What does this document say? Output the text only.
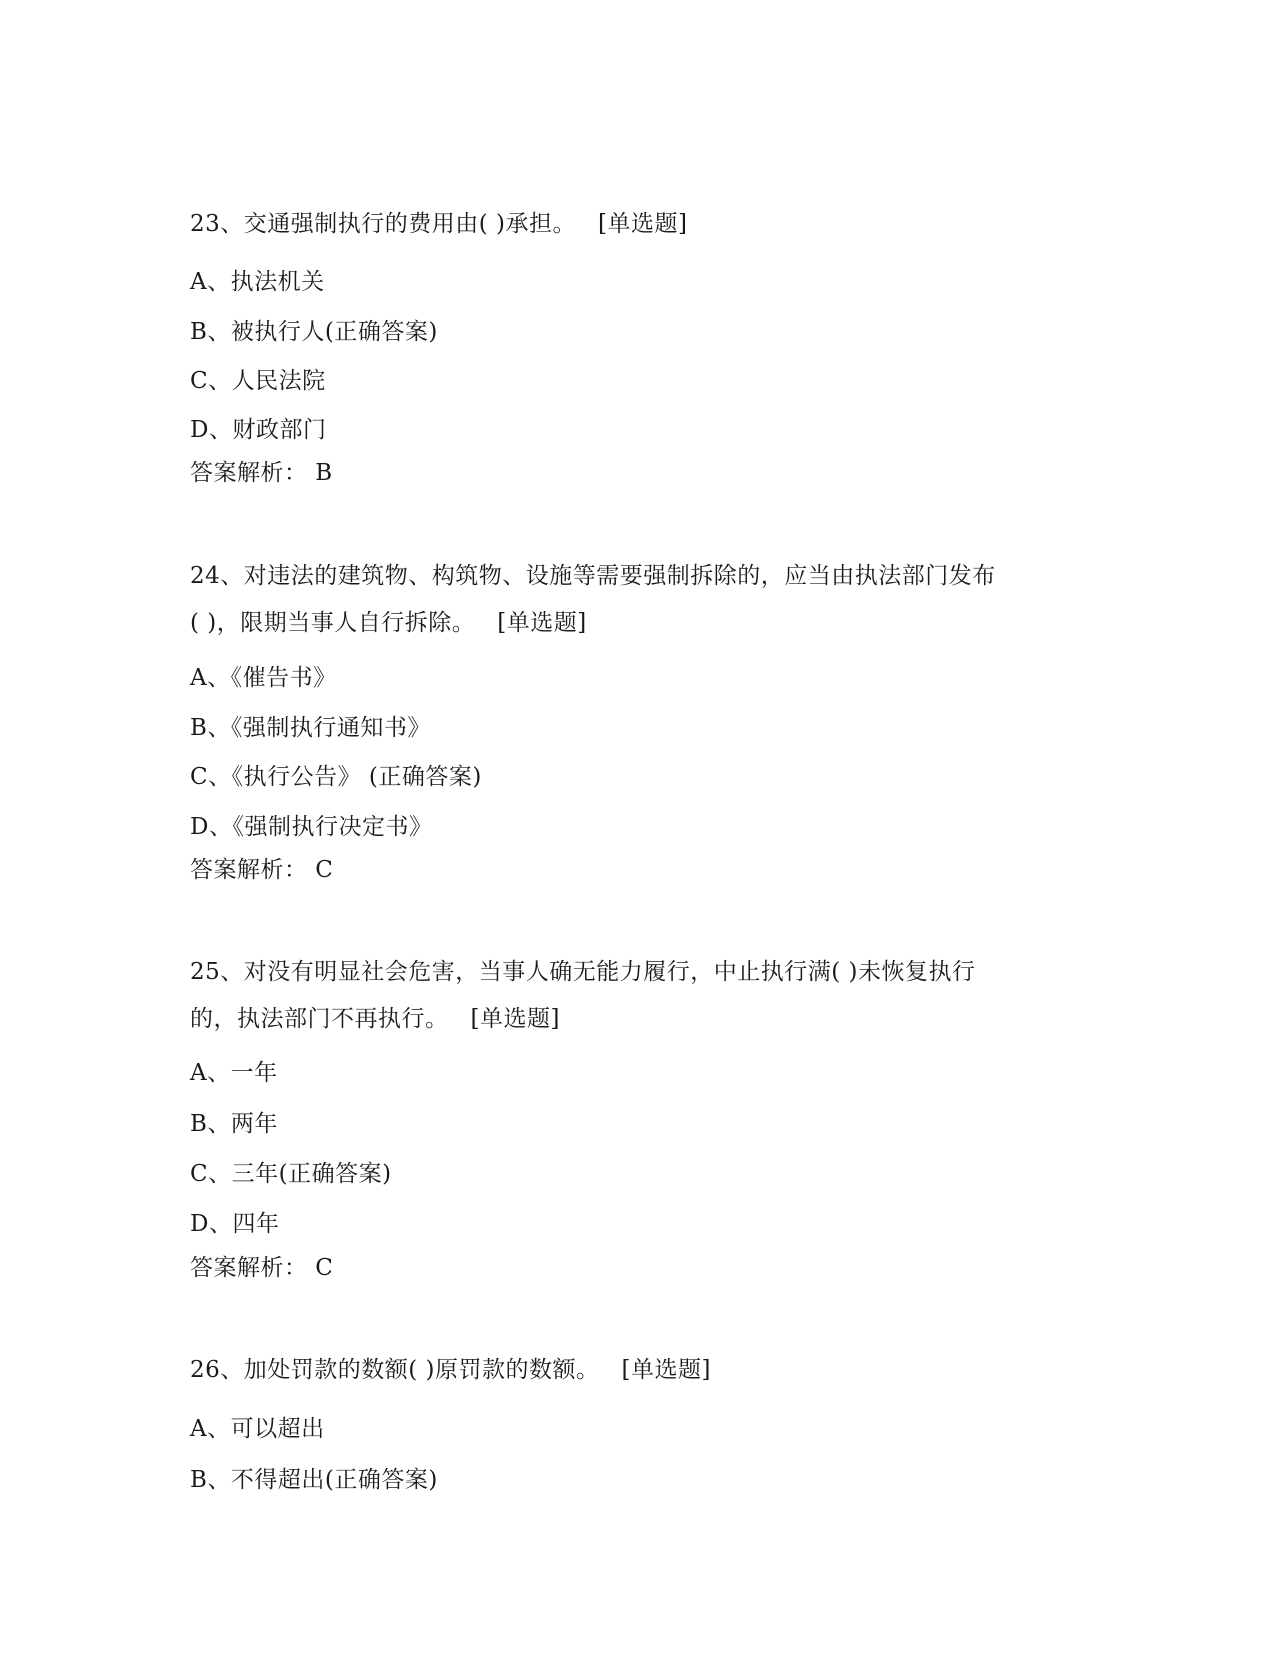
23、交通强制执行的费用由( )承担。 [单选题]
A、执法机关
B、被执行人(正确答案)
C、人民法院
D、财政部门
答案解析： B
24、对违法的建筑物、构筑物、设施等需要强制拆除的，应当由执法部门发布
( )，限期当事人自行拆除。 [单选题]
A、《催告书》
B、《强制执行通知书》
C、《执行公告》 (正确答案)
D、《强制执行决定书》
答案解析： C
25、对没有明显社会危害，当事人确无能力履行，中止执行满( )未恢复执行
的，执法部门不再执行。 [单选题]
A、一年
B、两年
C、三年(正确答案)
D、四年
答案解析： C
26、加处罚款的数额( )原罚款的数额。 [单选题]
A、可以超出
B、不得超出(正确答案)
